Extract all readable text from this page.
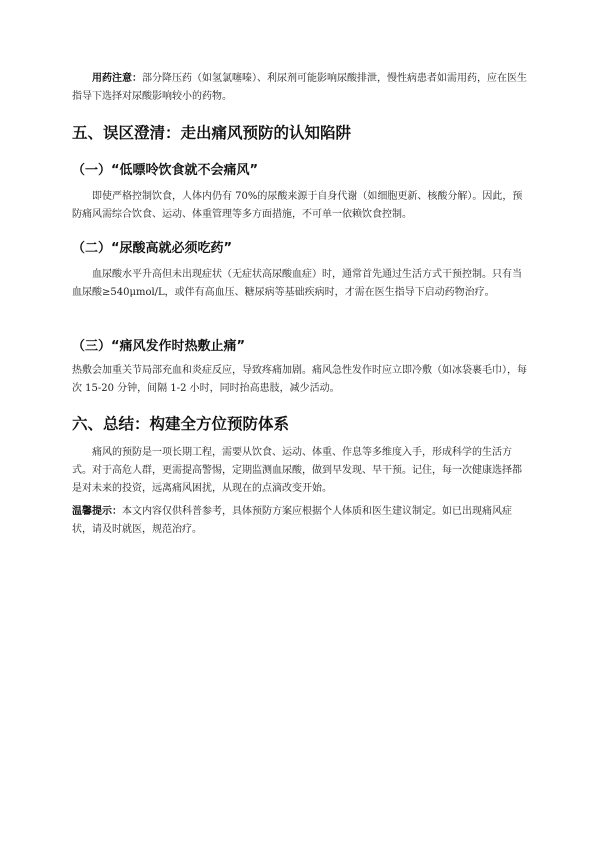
用药注意：部分降压药（如氢氯噻嗪）、利尿剂可能影响尿酸排泄，慢性病患者如需用药，应在医生指导下选择对尿酸影响较小的药物。

五、误区澄清：走出痛风预防的认知陷阱
（一）“低嘌呤饮食就不会痛风”

即使严格控制饮食，人体内仍有 70%的尿酸来源于自身代谢（如细胞更新、核酸分解）。因此，预防痛风需综合饮食、运动、体重管理等多方面措施，不可单一依赖饮食控制。

（二）“尿酸高就必须吃药”

血尿酸水平升高但未出现症状（无症状高尿酸血症）时，通常首先通过生活方式干预控制。只有当血尿酸≥540μmol/L，或伴有高血压、糖尿病等基础疾病时，才需在医生指导下启动药物治疗。

（三）“痛风发作时热敷止痛”

热敷会加重关节局部充血和炎症反应，导致疼痛加剧。痛风急性发作时应立即冷敷（如冰袋裹毛巾），每次 15-20 分钟，间隔 1-2 小时，同时抬高患肢，减少活动。

六、总结：构建全方位预防体系

痛风的预防是一项长期工程，需要从饮食、运动、体重、作息等多维度入手，形成科学的生活方式。对于高危人群，更需提高警惕，定期监测血尿酸，做到早发现、早干预。记住，每一次健康选择都是对未来的投资，远离痛风困扰，从现在的点滴改变开始。

温馨提示：本文内容仅供科普参考，具体预防方案应根据个人体质和医生建议制定。如已出现痛风症状，请及时就医，规范治疗。
